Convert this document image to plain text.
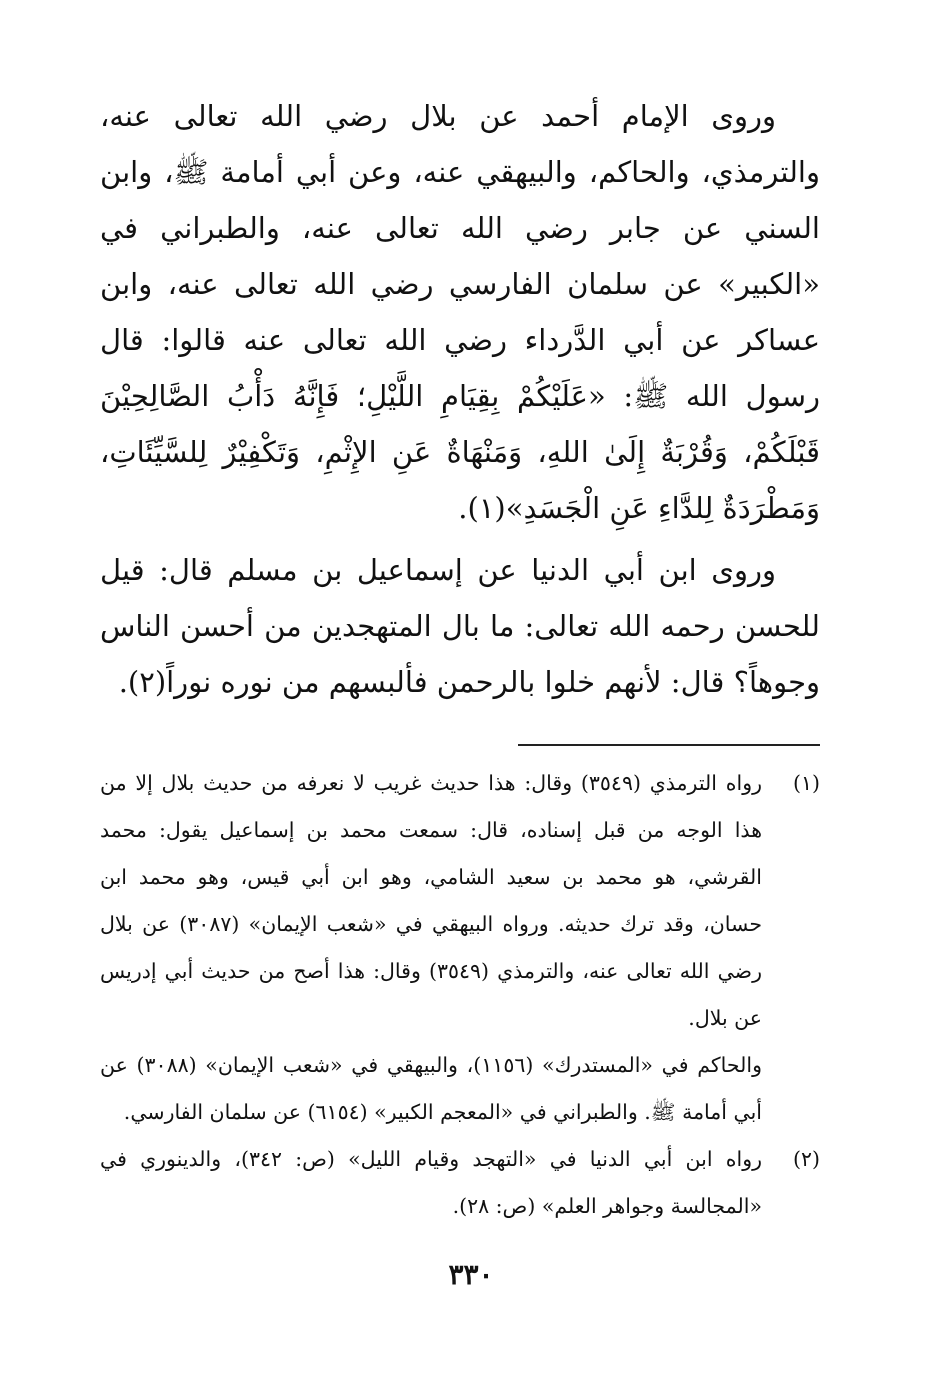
وروى الإمام أحمد عن بلال رضي الله تعالى عنه، والترمذي، والحاكم، والبيهقي عنه، وعن أبي أمامة ﷺ، وابن السني عن جابر رضي الله تعالى عنه، والطبراني في «الكبير» عن سلمان الفارسي رضي الله تعالى عنه، وابن عساكر عن أبي الدَّرداء رضي الله تعالى عنه قالوا: قال رسول الله ﷺ: «عَلَيْكُمْ بِقِيَامِ اللَّيْلِ؛ فَإِنَّهُ دَأْبُ الصَّالِحِيْنَ قَبْلَكُمْ، وَقُرْبَةٌ إِلَىٰ اللهِ، وَمَنْهَاةٌ عَنِ الإِثْمِ، وَتَكْفِيْرٌ لِلسَّيِّئَاتِ، وَمَطْرَدَةٌ لِلدَّاءِ عَنِ الْجَسَدِ»(١).

وروى ابن أبي الدنيا عن إسماعيل بن مسلم قال: قيل للحسن رحمه الله تعالى: ما بال المتهجدين من أحسن الناس وجوهاً؟ قال: لأنهم خلوا بالرحمن فألبسهم من نوره نوراً(٢).

(١)

رواه الترمذي (٣٥٤٩) وقال: هذا حديث غريب لا نعرفه من حديث بلال إلا من هذا الوجه من قبل إسناده، قال: سمعت محمد بن إسماعيل يقول: محمد القرشي، هو محمد بن سعيد الشامي، وهو ابن أبي قيس، وهو محمد ابن حسان، وقد ترك حديثه. ورواه البيهقي في «شعب الإيمان» (٣٠٨٧) عن بلال رضي الله تعالى عنه، والترمذي (٣٥٤٩) وقال: هذا أصح من حديث أبي إدريس عن بلال.

والحاكم في «المستدرك» (١١٥٦)، والبيهقي في «شعب الإيمان» (٣٠٨٨) عن أبي أمامة ﷺ. والطبراني في «المعجم الكبير» (٦١٥٤) عن سلمان الفارسي.

(٢)

رواه ابن أبي الدنيا في «التهجد وقيام الليل» (ص: ٣٤٢)، والدينوري في «المجالسة وجواهر العلم» (ص: ٢٨).

٣٣٠
